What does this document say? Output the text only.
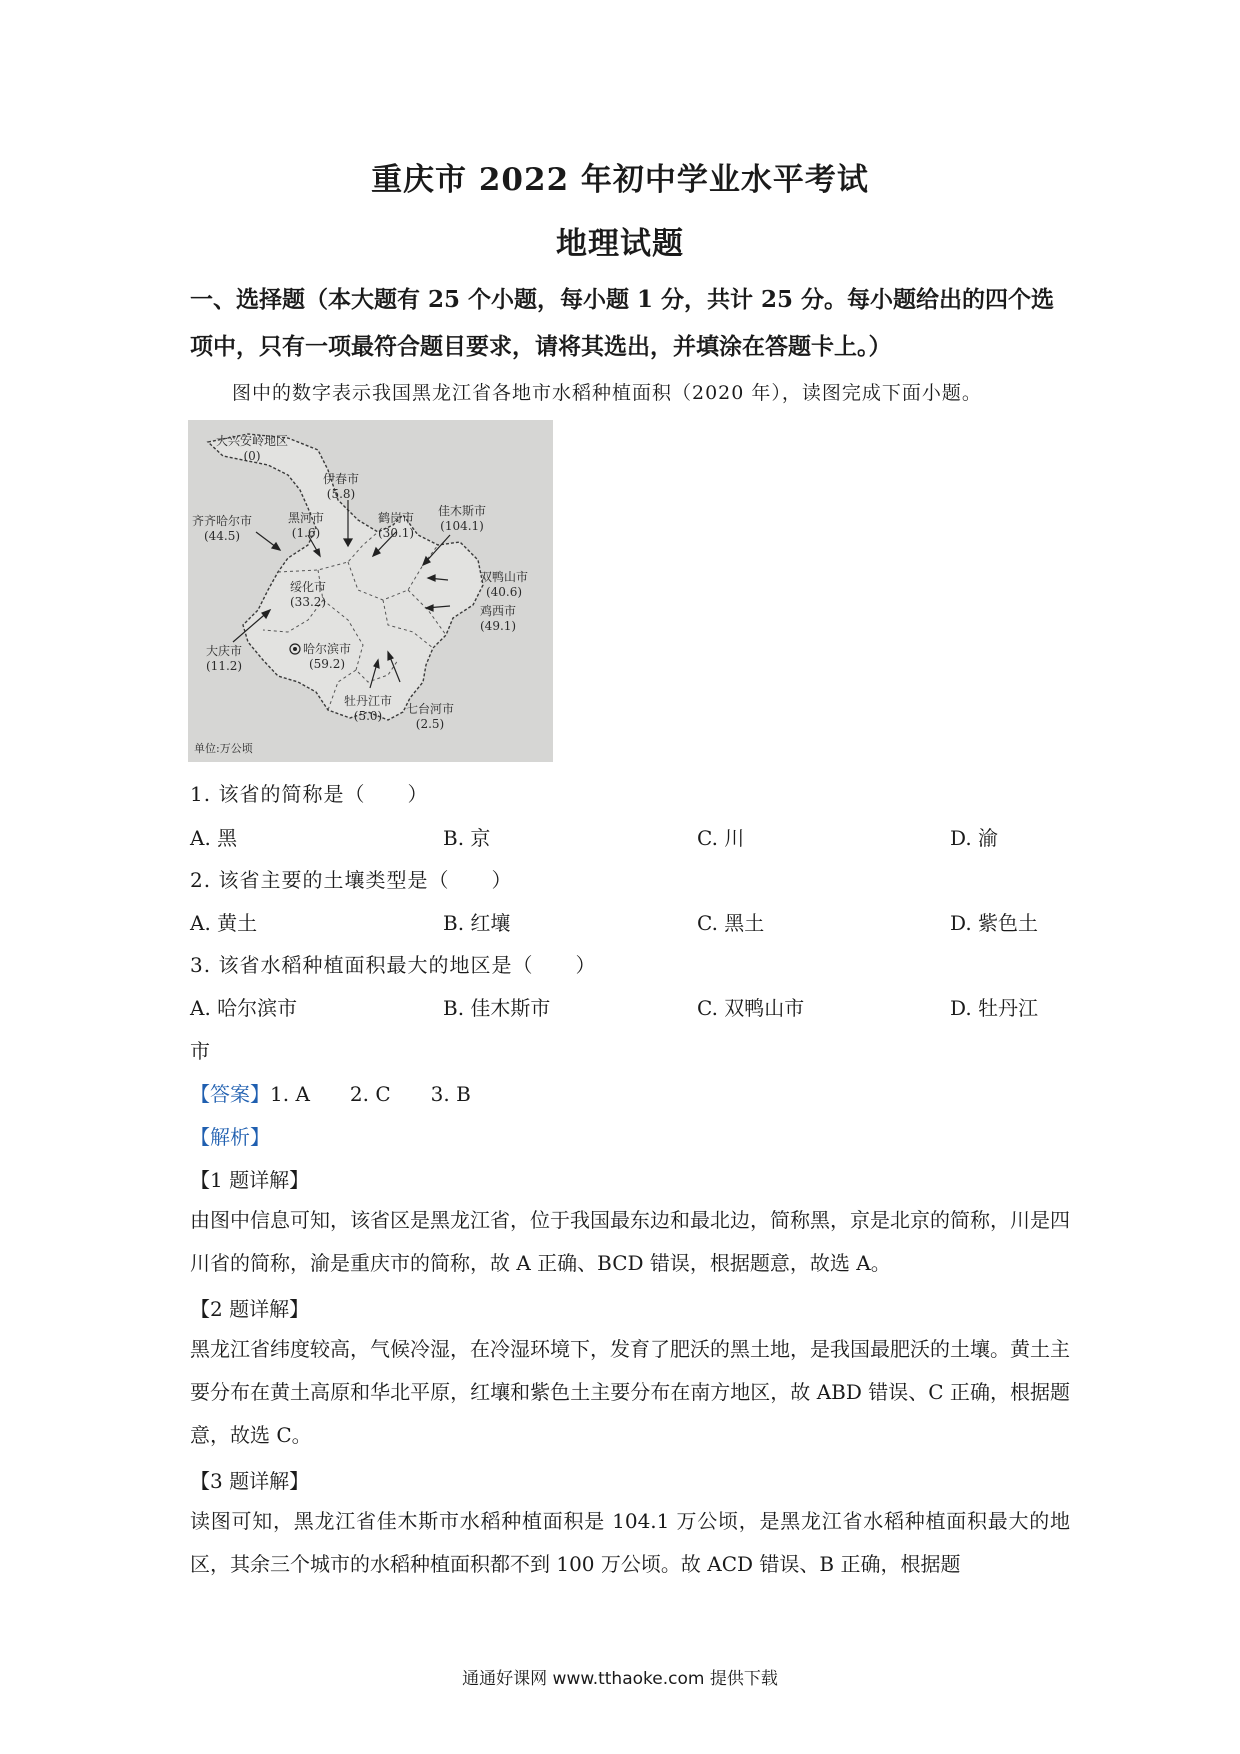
重庆市 2022 年初中学业水平考试
地理试题
一、选择题（本大题有 25 个小题，每小题 1 分，共计 25 分。每小题给出的四个选项中，只有一项最符合题目要求，请将其选出，并填涂在答题卡上。）
图中的数字表示我国黑龙江省各地市水稻种植面积（2020 年），读图完成下面小题。
大兴安岭地区
(0)
伊春市
(5.8)
黑河市
(1.6)
鹤岗市
(30.1)
佳木斯市
(104.1)
齐齐哈尔市
(44.5)
绥化市
(33.2)
双鸭山市
(40.6)
大庆市
(11.2)
哈尔滨市
(59.2)
鸡西市
(49.1)
牡丹江市
(5.0)	七台河市
(2.5)
单位:万公顷
1. 该省的简称是（　　）
A. 黑	B. 京	C. 川	D. 渝
2. 该省主要的土壤类型是（　　）
A. 黄土	B. 红壤	C. 黑土	D. 紫色土
3. 该省水稻种植面积最大的地区是（　　）
A. 哈尔滨市	B. 佳木斯市	C. 双鸭山市	D. 牡丹江
市
【答案】1. A　　2. C　　3. B
【解析】
【1 题详解】
由图中信息可知，该省区是黑龙江省，位于我国最东边和最北边，简称黑，京是北京的简称，川是四川省的简称，渝是重庆市的简称，故 A 正确、BCD 错误，根据题意，故选 A。
【2 题详解】
黑龙江省纬度较高，气候冷湿，在冷湿环境下，发育了肥沃的黑土地，是我国最肥沃的土壤。黄土主要分布在黄土高原和华北平原，红壤和紫色土主要分布在南方地区，故 ABD 错误、C 正确，根据题意，故选 C。
【3 题详解】
读图可知，黑龙江省佳木斯市水稻种植面积是 104.1 万公顷，是黑龙江省水稻种植面积最大的地区，其余三个城市的水稻种植面积都不到 100 万公顷。故 ACD 错误、B 正确，根据题
通通好课网 www.tthaoke.com 提供下载
